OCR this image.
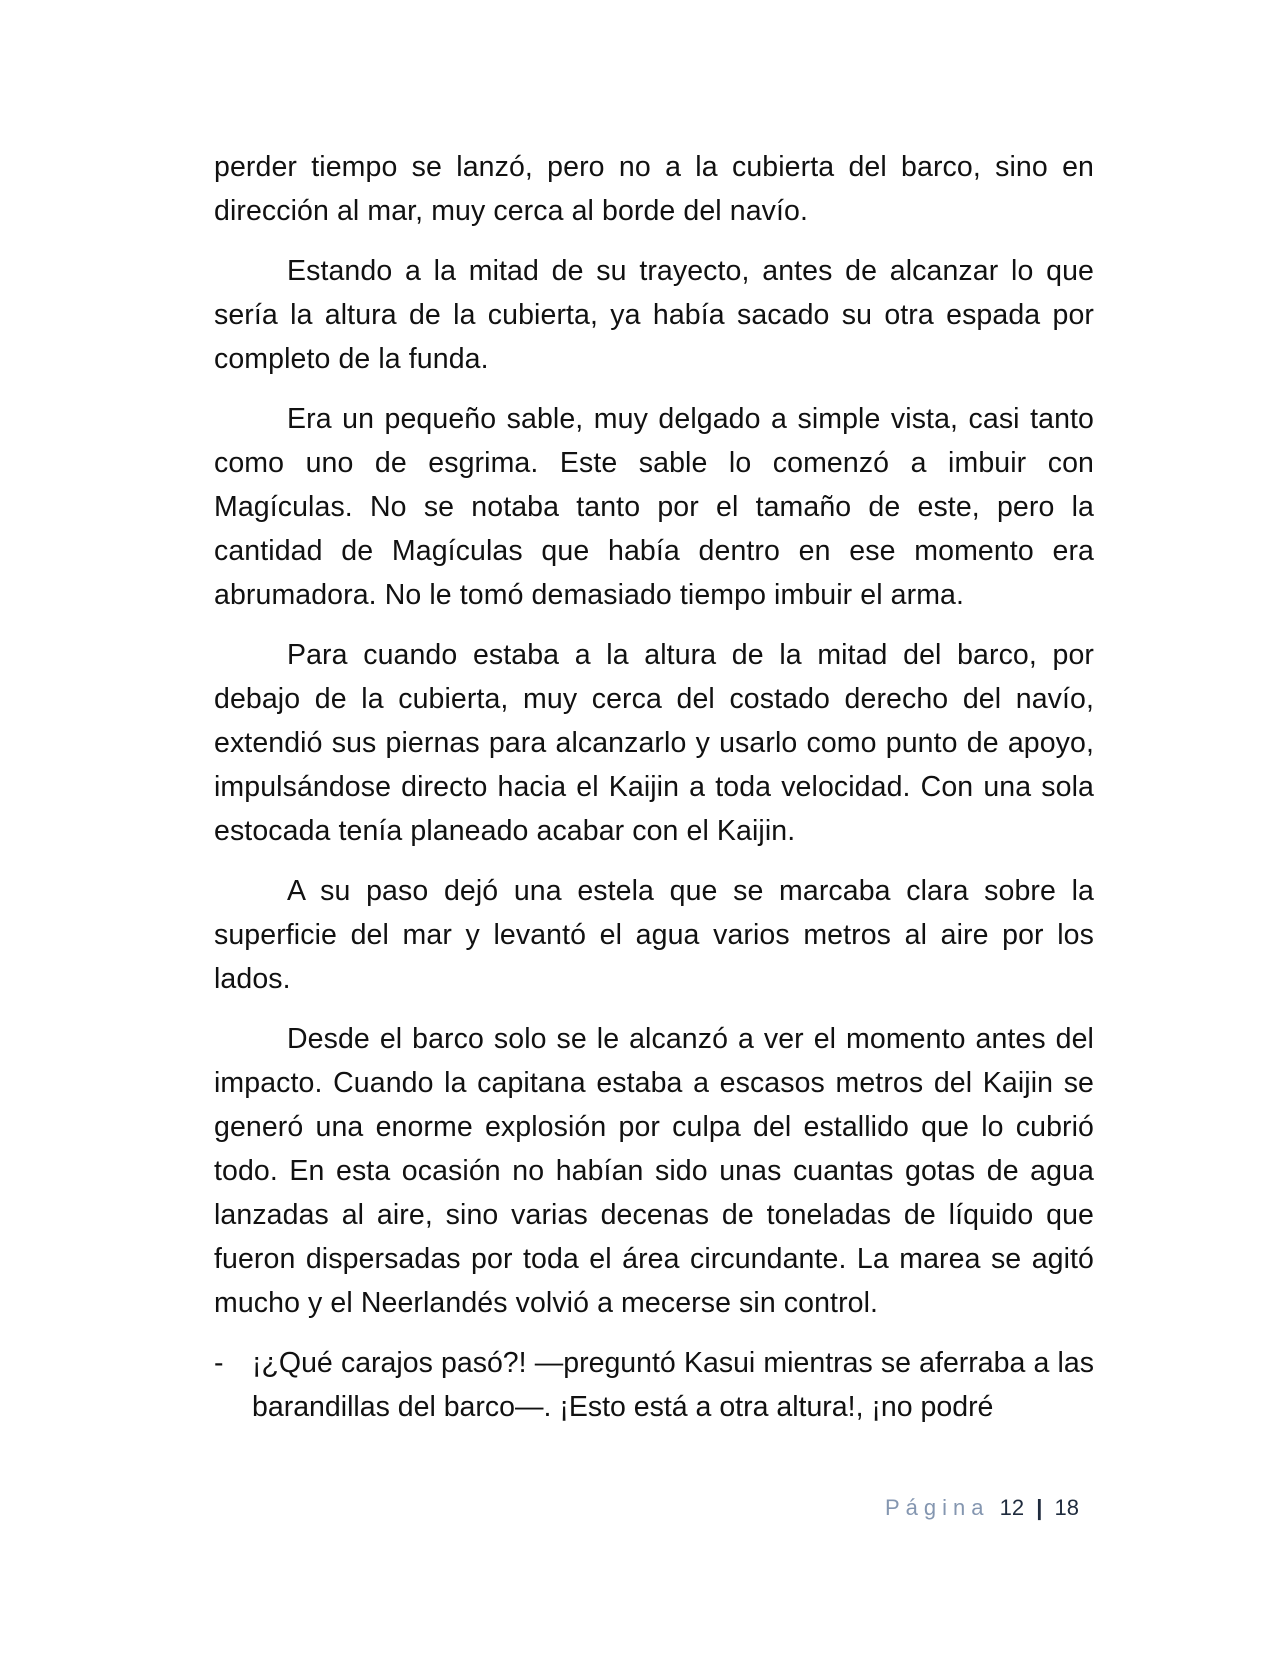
perder tiempo se lanzó, pero no a la cubierta del barco, sino en dirección al mar, muy cerca al borde del navío.

Estando a la mitad de su trayecto, antes de alcanzar lo que sería la altura de la cubierta, ya había sacado su otra espada por completo de la funda.

Era un pequeño sable, muy delgado a simple vista, casi tanto como uno de esgrima. Este sable lo comenzó a imbuir con Magículas. No se notaba tanto por el tamaño de este, pero la cantidad de Magículas que había dentro en ese momento era abrumadora. No le tomó demasiado tiempo imbuir el arma.

Para cuando estaba a la altura de la mitad del barco, por debajo de la cubierta, muy cerca del costado derecho del navío, extendió sus piernas para alcanzarlo y usarlo como punto de apoyo, impulsándose directo hacia el Kaijin a toda velocidad. Con una sola estocada tenía planeado acabar con el Kaijin.

A su paso dejó una estela que se marcaba clara sobre la superficie del mar y levantó el agua varios metros al aire por los lados.

Desde el barco solo se le alcanzó a ver el momento antes del impacto. Cuando la capitana estaba a escasos metros del Kaijin se generó una enorme explosión por culpa del estallido que lo cubrió todo. En esta ocasión no habían sido unas cuantas gotas de agua lanzadas al aire, sino varias decenas de toneladas de líquido que fueron dispersadas por toda el área circundante. La marea se agitó mucho y el Neerlandés volvió a mecerse sin control.

- ¡¿Qué carajos pasó?! —preguntó Kasui mientras se aferraba a las barandillas del barco—. ¡Esto está a otra altura!, ¡no podré
Página 12 | 18
